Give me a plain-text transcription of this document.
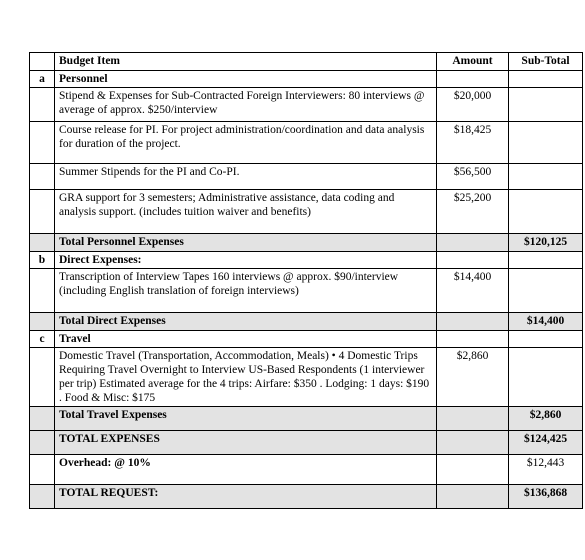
	Budget Item	Amount	Sub-Total
a	Personnel		
	Stipend & Expenses for Sub-Contracted Foreign Interviewers: 80 interviews @ average of approx. $250/interview	$20,000	
	Course release for PI. For project administration/coordination and data analysis for duration of the project.	$18,425	
	Summer Stipends for the PI and Co-PI.	$56,500	
	GRA support for 3 semesters; Administrative assistance, data coding and analysis support. (includes tuition waiver and benefits)	$25,200	
	Total Personnel Expenses		$120,125
b	Direct Expenses:		
	Transcription of Interview Tapes 160 interviews @ approx. $90/interview (including English translation of foreign interviews)	$14,400	
	Total Direct Expenses		$14,400
c	Travel		
	Domestic Travel (Transportation, Accommodation, Meals) • 4 Domestic Trips Requiring Travel Overnight to Interview US-Based Respondents (1 interviewer per trip) Estimated average for the 4 trips: Airfare: $350 . Lodging: 1 days: $190 . Food & Misc: $175	$2,860	
	Total Travel Expenses		$2,860
	TOTAL EXPENSES		$124,425
	Overhead: @ 10%		$12,443
	TOTAL REQUEST:		$136,868
